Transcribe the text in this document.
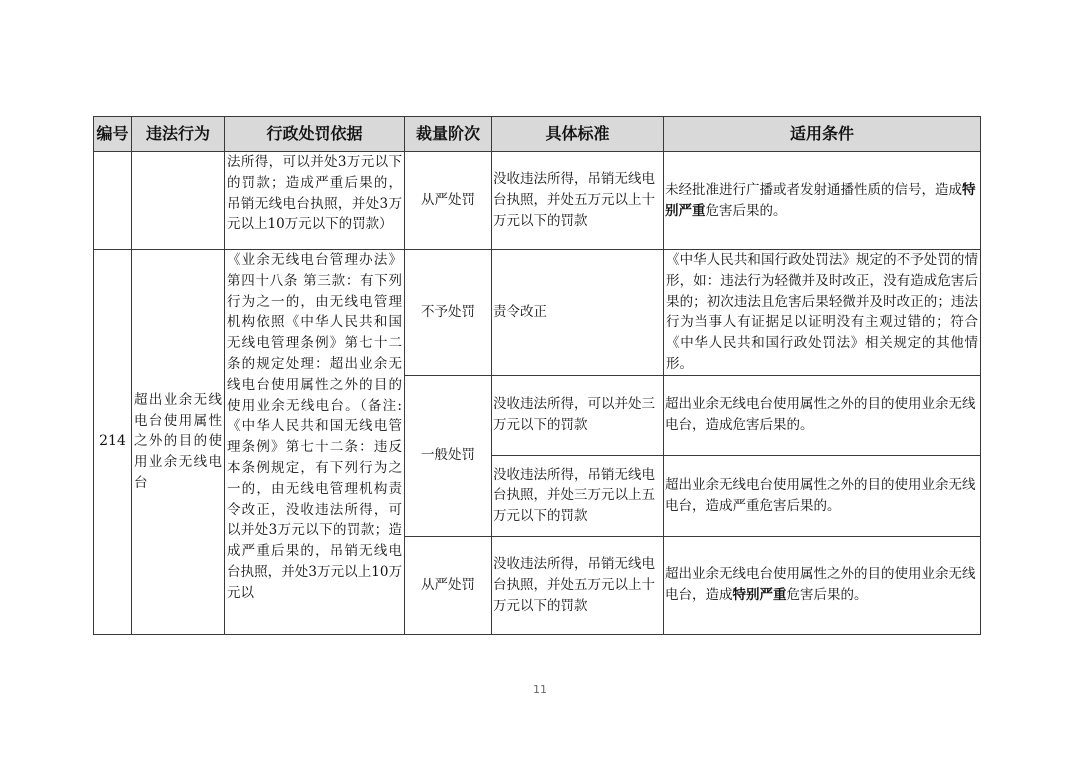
编号	违法行为	行政处罚依据	裁量阶次	具体标准	适用条件
		法所得，可以并处3万元以下的罚款；造成严重后果的，吊销无线电台执照，并处3万元以上10万元以下的罚款）	从严处罚	没收违法所得，吊销无线电台执照，并处五万元以上十万元以下的罚款	未经批准进行广播或者发射通播性质的信号，造成特别严重危害后果的。
214	超出业余无线电台使用属性之外的目的使用业余无线电台	《业余无线电台管理办法》第四十八条 第三款：有下列行为之一的，由无线电管理机构依照《中华人民共和国无线电管理条例》第七十二条的规定处理：超出业余无线电台使用属性之外的目的使用业余无线电台。（备注:《中华人民共和国无线电管理条例》第七十二条：违反本条例规定，有下列行为之一的，由无线电管理机构责令改正，没收违法所得，可以并处3万元以下的罚款；造成严重后果的，吊销无线电台执照，并处3万元以上10万元以	不予处罚	责令改正	《中华人民共和国行政处罚法》规定的不予处罚的情形，如：违法行为轻微并及时改正，没有造成危害后果的；初次违法且危害后果轻微并及时改正的；违法行为当事人有证据足以证明没有主观过错的；符合《中华人民共和国行政处罚法》相关规定的其他情形。
			一般处罚	没收违法所得，可以并处三万元以下的罚款	超出业余无线电台使用属性之外的目的使用业余无线电台，造成危害后果的。
				没收违法所得，吊销无线电台执照，并处三万元以上五万元以下的罚款	超出业余无线电台使用属性之外的目的使用业余无线电台，造成严重危害后果的。
			从严处罚	没收违法所得，吊销无线电台执照，并处五万元以上十万元以下的罚款	超出业余无线电台使用属性之外的目的使用业余无线电台，造成特别严重危害后果的。
11
